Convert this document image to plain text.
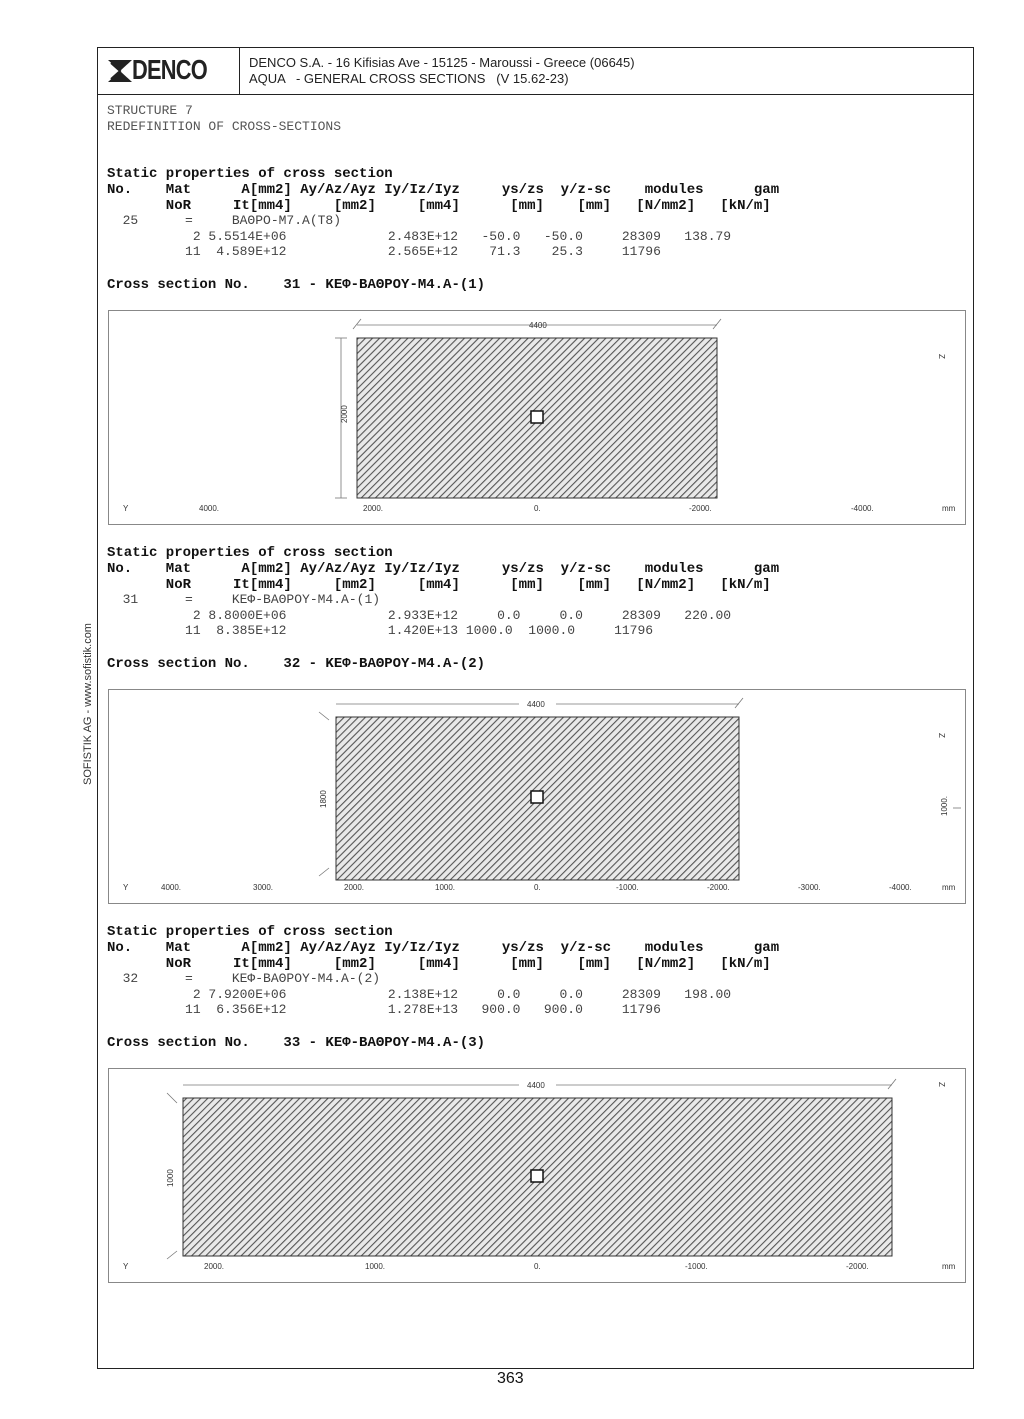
DENCO	DENCO S.A. - 16 Kifisias Ave - 15125 - Maroussi - Greece (06645)
AQUA   - GENERAL CROSS SECTIONS   (V 15.62-23)
STRUCTURE 7
REDEFINITION OF CROSS-SECTIONS
SOFISTIK AG - www.sofistik.com
Static properties of cross section
No.    Mat      A[mm2] Ay/Az/Ayz Iy/Iz/Iyz     ys/zs  y/z-sc    modules      gam
NoR     It[mm4]     [mm2]     [mm4]      [mm]    [mm]   [N/mm2]   [kN/m]
25      =     BAΘPO-M7.A(T8)
2 5.5514E+06             2.483E+12   -50.0   -50.0     28309   138.79
11  4.589E+12             2.565E+12    71.3    25.3     11796
Cross section No.    31 - KEΦ-BAΘPOY-M4.A-(1)
4400
2000
Y
Z
mm
4000.	2000.	0.	-2000.	-4000.
Static properties of cross section
No.    Mat      A[mm2] Ay/Az/Ayz Iy/Iz/Iyz     ys/zs  y/z-sc    modules      gam
NoR     It[mm4]     [mm2]     [mm4]      [mm]    [mm]   [N/mm2]   [kN/m]
31      =     KEΦ-BAΘPOY-M4.A-(1)
2 8.8000E+06             2.933E+12     0.0     0.0     28309   220.00
11  8.385E+12             1.420E+13 1000.0  1000.0     11796
Cross section No.    32 - KEΦ-BAΘPOY-M4.A-(2)
4400
1800
Y
Z
1000.
mm
4000.	3000.	2000.	1000.	0.	-1000.	-2000.	-3000.	-4000.
Static properties of cross section
No.    Mat      A[mm2] Ay/Az/Ayz Iy/Iz/Iyz     ys/zs  y/z-sc    modules      gam
NoR     It[mm4]     [mm2]     [mm4]      [mm]    [mm]   [N/mm2]   [kN/m]
32      =     KEΦ-BAΘPOY-M4.A-(2)
2 7.9200E+06             2.138E+12     0.0     0.0     28309   198.00
11  6.356E+12             1.278E+13   900.0   900.0     11796
Cross section No.    33 - KEΦ-BAΘPOY-M4.A-(3)
4400
1000
Y
Z
mm
2000.	1000.	0.	-1000.	-2000.
363
